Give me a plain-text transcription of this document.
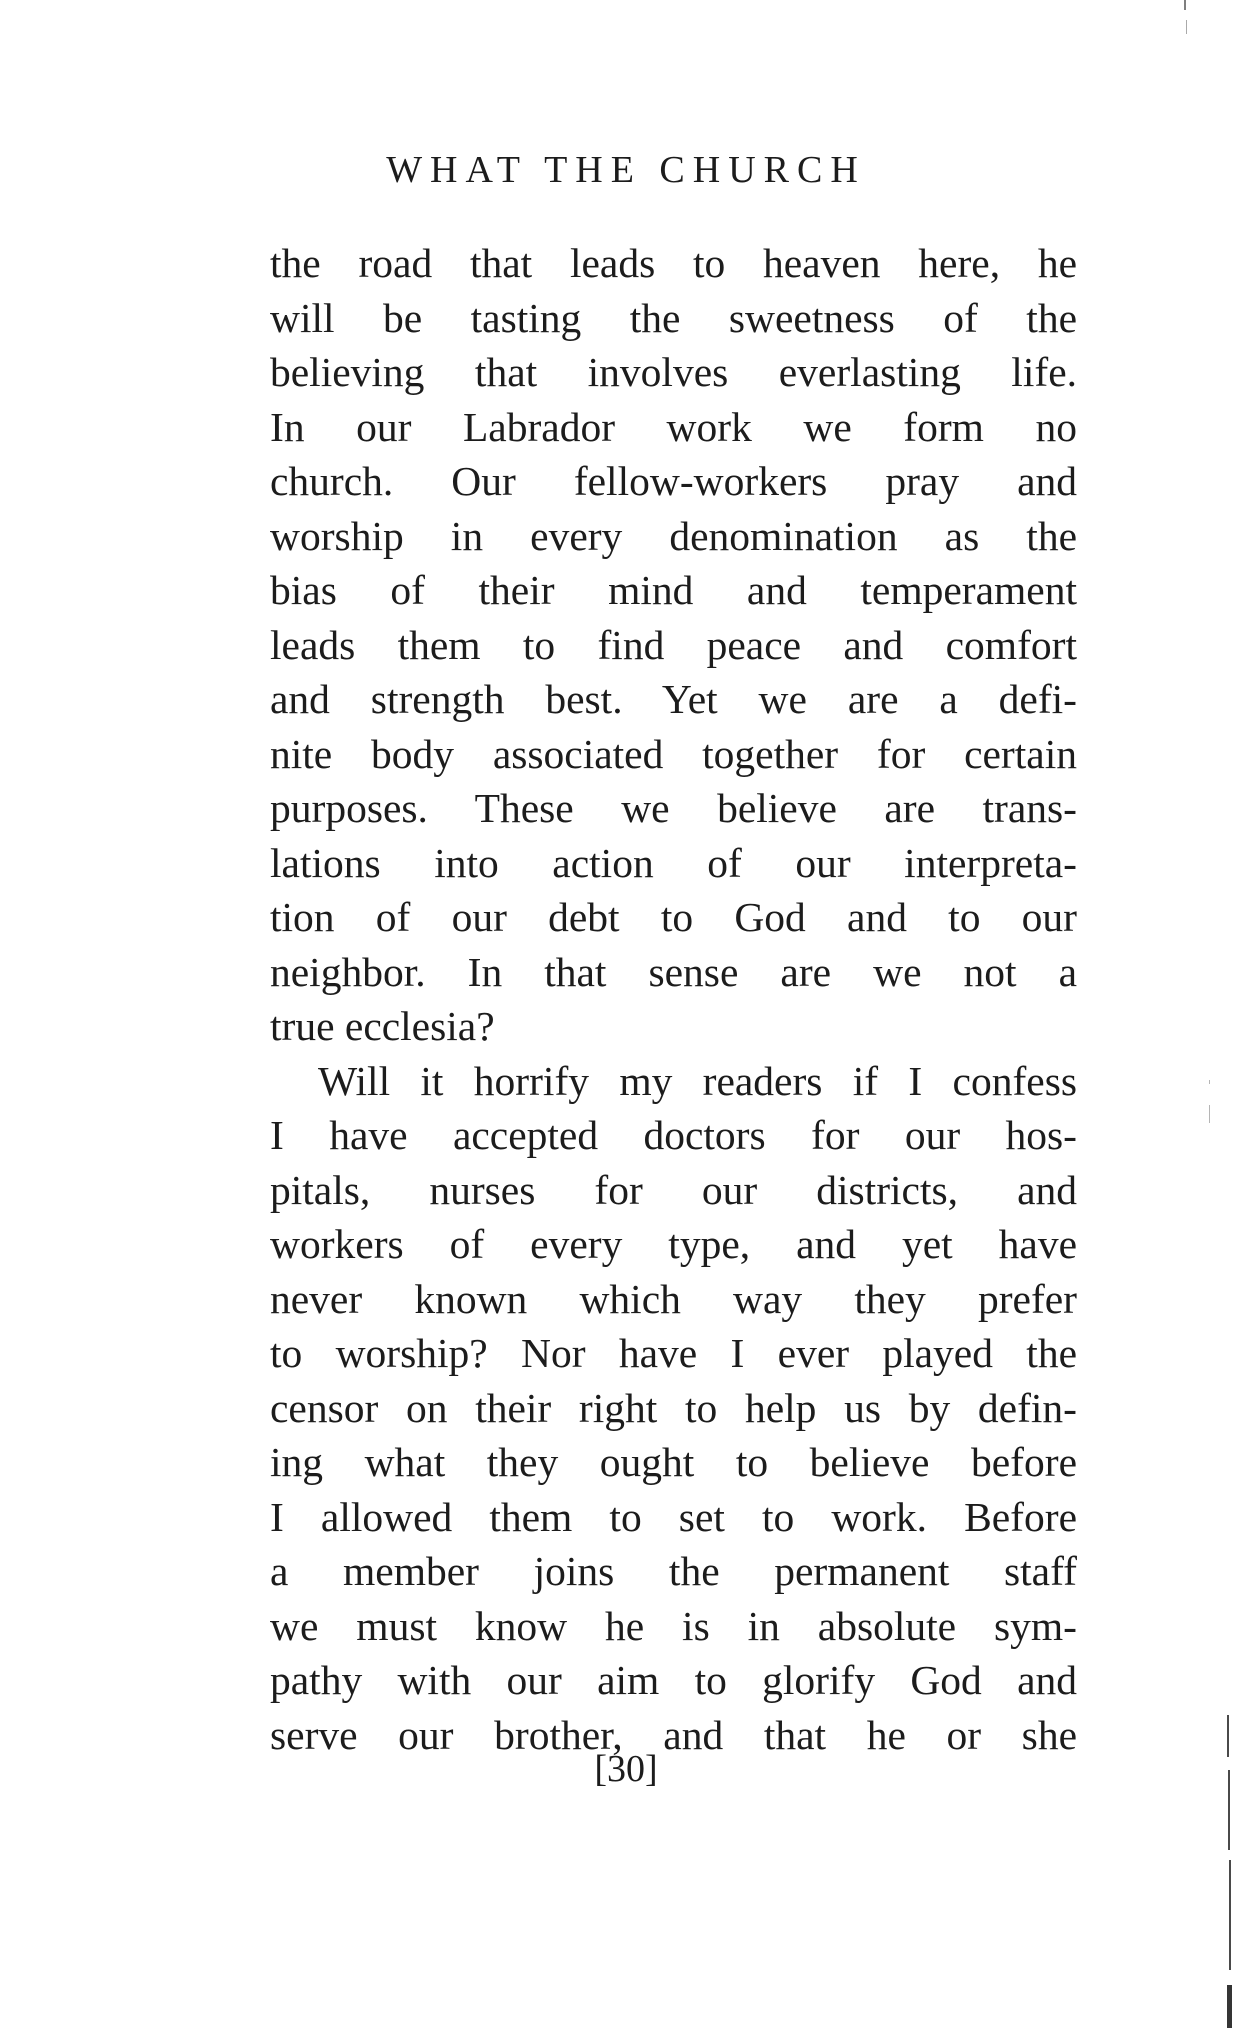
WHAT THE CHURCH
the road that leads to heaven here, he
will be tasting the sweetness of the
believing that involves everlasting life.
In our Labrador work we form no
church. Our fellow-workers pray and
worship in every denomination as the
bias of their mind and temperament
leads them to find peace and comfort
and strength best. Yet we are a defi-
nite body associated together for certain
purposes. These we believe are trans-
lations into action of our interpreta-
tion of our debt to God and to our
neighbor. In that sense are we not a
true ecclesia?
Will it horrify my readers if I confess
I have accepted doctors for our hos-
pitals, nurses for our districts, and
workers of every type, and yet have
never known which way they prefer
to worship? Nor have I ever played the
censor on their right to help us by defin-
ing what they ought to believe before
I allowed them to set to work. Before
a member joins the permanent staff
we must know he is in absolute sym-
pathy with our aim to glorify God and
serve our brother, and that he or she
[30]
